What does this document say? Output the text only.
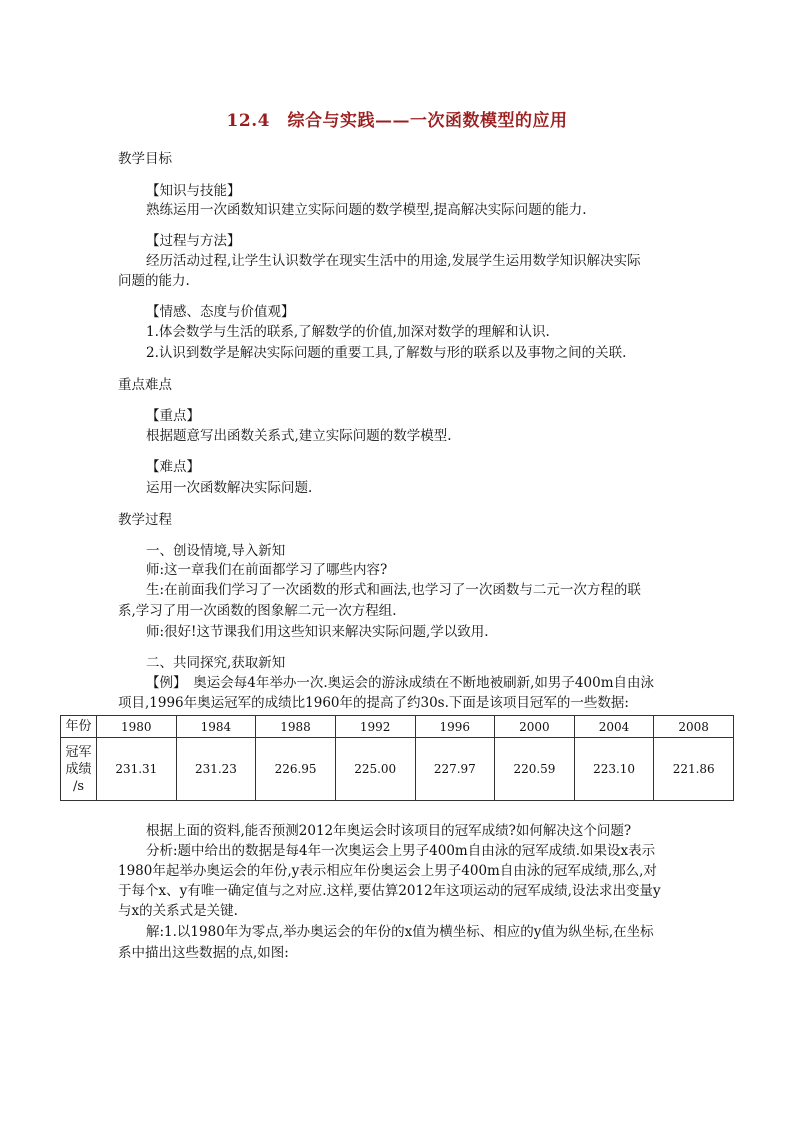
12.4　综合与实践——一次函数模型的应用
教学目标
【知识与技能】
熟练运用一次函数知识建立实际问题的数学模型,提高解决实际问题的能力.
【过程与方法】
经历活动过程,让学生认识数学在现实生活中的用途,发展学生运用数学知识解决实际
问题的能力.
【情感、态度与价值观】
1.体会数学与生活的联系,了解数学的价值,加深对数学的理解和认识.
2.认识到数学是解决实际问题的重要工具,了解数与形的联系以及事物之间的关联.
重点难点
【重点】
根据题意写出函数关系式,建立实际问题的数学模型.
【难点】
运用一次函数解决实际问题.
教学过程
一、创设情境,导入新知
师:这一章我们在前面都学习了哪些内容?
生:在前面我们学习了一次函数的形式和画法,也学习了一次函数与二元一次方程的联
系,学习了用一次函数的图象解二元一次方程组.
师:很好!这节课我们用这些知识来解决实际问题,学以致用.
二、共同探究,获取新知
【例】　奥运会每4年举办一次.奥运会的游泳成绩在不断地被刷新,如男子400m自由泳
项目,1996年奥运冠军的成绩比1960年的提高了约30s.下面是该项目冠军的一些数据:
年份	1980	1984	1988	1992	1996	2000	2004	2008

冠军
成绩
/s	231.31	231.23	226.95	225.00	227.97	220.59	223.10	221.86
根据上面的资料,能否预测2012年奥运会时该项目的冠军成绩?如何解决这个问题?
分析:题中给出的数据是每4年一次奥运会上男子400m自由泳的冠军成绩.如果设x表示
1980年起举办奥运会的年份,y表示相应年份奥运会上男子400m自由泳的冠军成绩,那么,对
于每个x、y有唯一确定值与之对应.这样,要估算2012年这项运动的冠军成绩,设法求出变量y
与x的关系式是关键.
解:1.以1980年为零点,举办奥运会的年份的x值为横坐标、相应的y值为纵坐标,在坐标
系中描出这些数据的点,如图:
